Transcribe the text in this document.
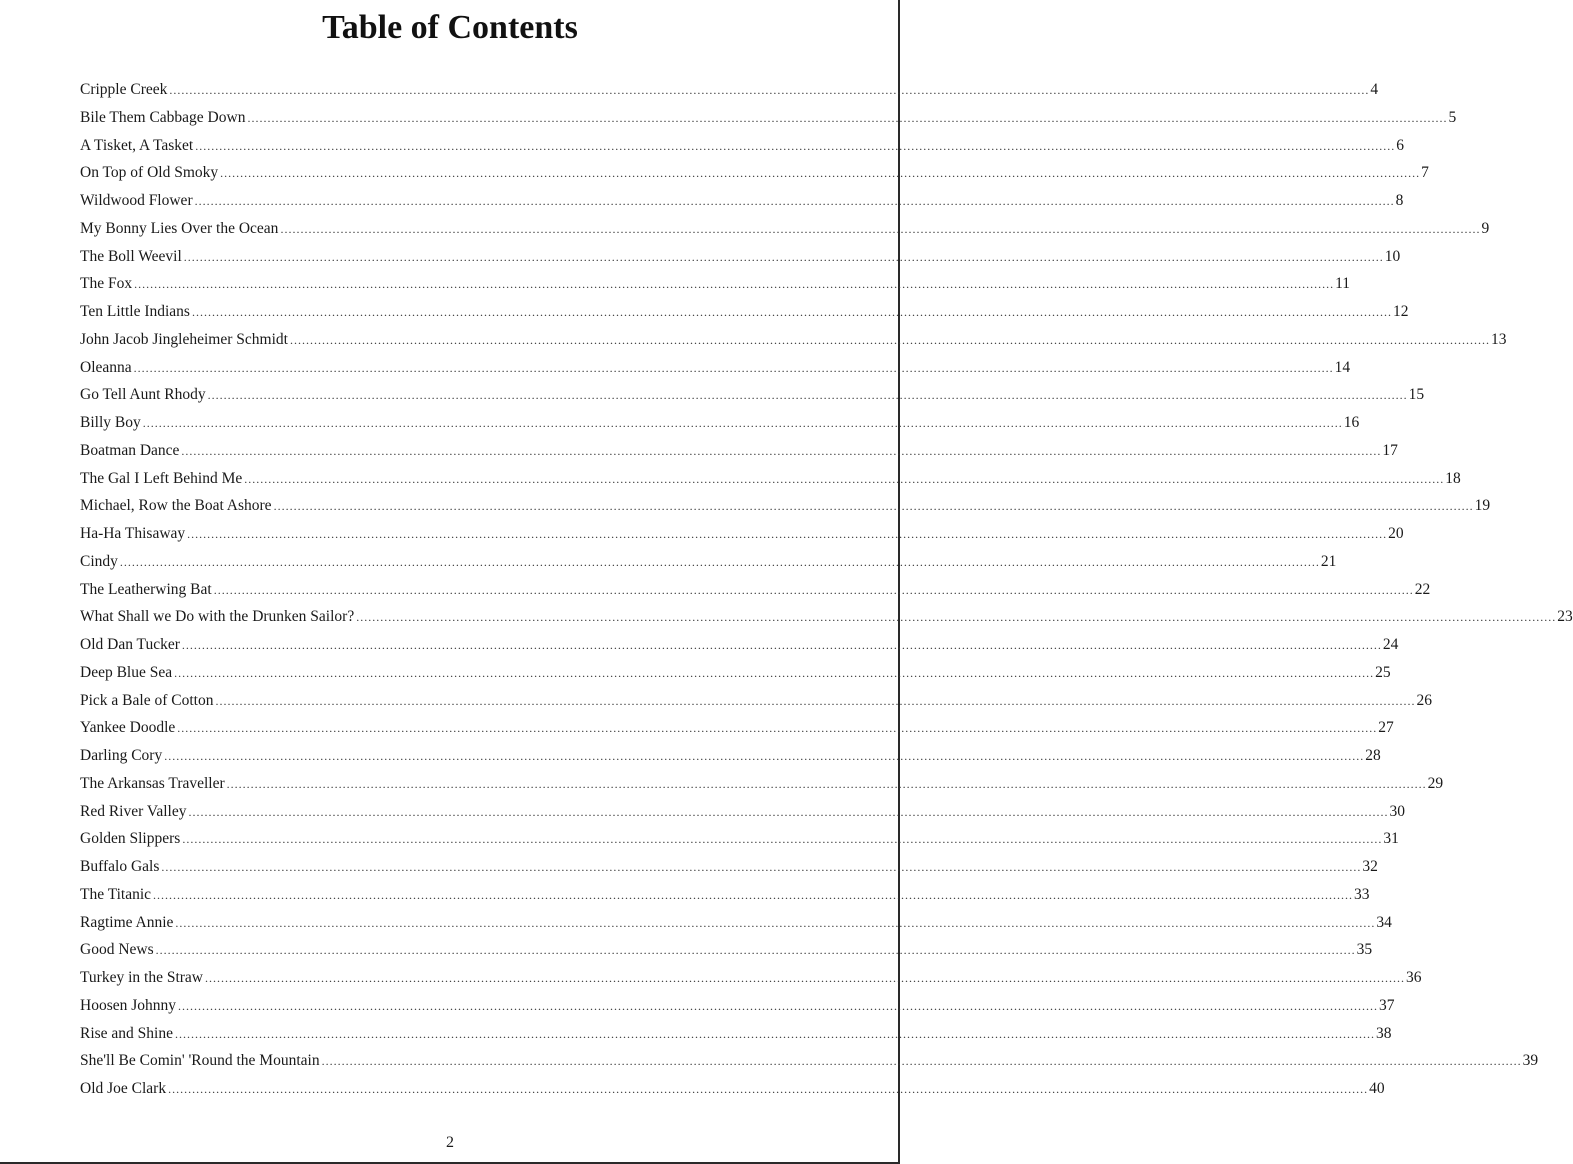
Table of Contents
Cripple Creek ............................................................................................................................................................................................................................................................................................................ 4
Bile Them Cabbage Down ............................................................................................................................................................................................................................................................................................................ 5
A Tisket, A Tasket ............................................................................................................................................................................................................................................................................................................ 6
On Top of Old Smoky ............................................................................................................................................................................................................................................................................................................ 7
Wildwood Flower ............................................................................................................................................................................................................................................................................................................ 8
My Bonny Lies Over the Ocean ............................................................................................................................................................................................................................................................................................................ 9
The Boll Weevil ............................................................................................................................................................................................................................................................................................................ 10
The Fox ............................................................................................................................................................................................................................................................................................................ 11
Ten Little Indians ............................................................................................................................................................................................................................................................................................................ 12
John Jacob Jingleheimer Schmidt ............................................................................................................................................................................................................................................................................................................ 13
Oleanna ............................................................................................................................................................................................................................................................................................................ 14
Go Tell Aunt Rhody ............................................................................................................................................................................................................................................................................................................ 15
Billy Boy ............................................................................................................................................................................................................................................................................................................ 16
Boatman Dance ............................................................................................................................................................................................................................................................................................................ 17
The Gal I Left Behind Me ............................................................................................................................................................................................................................................................................................................ 18
Michael, Row the Boat Ashore ............................................................................................................................................................................................................................................................................................................ 19
Ha-Ha Thisaway ............................................................................................................................................................................................................................................................................................................ 20
Cindy ............................................................................................................................................................................................................................................................................................................ 21
The Leatherwing Bat ............................................................................................................................................................................................................................................................................................................ 22
What Shall we Do with the Drunken Sailor? ............................................................................................................................................................................................................................................................................................................ 23
Old Dan Tucker ............................................................................................................................................................................................................................................................................................................ 24
Deep Blue Sea ............................................................................................................................................................................................................................................................................................................ 25
Pick a Bale of Cotton ............................................................................................................................................................................................................................................................................................................ 26
Yankee Doodle ............................................................................................................................................................................................................................................................................................................ 27
Darling Cory ............................................................................................................................................................................................................................................................................................................ 28
The Arkansas Traveller ............................................................................................................................................................................................................................................................................................................ 29
Red River Valley ............................................................................................................................................................................................................................................................................................................ 30
Golden Slippers ............................................................................................................................................................................................................................................................................................................ 31
Buffalo Gals ............................................................................................................................................................................................................................................................................................................ 32
The Titanic ............................................................................................................................................................................................................................................................................................................ 33
Ragtime Annie ............................................................................................................................................................................................................................................................................................................ 34
Good News ............................................................................................................................................................................................................................................................................................................ 35
Turkey in the Straw ............................................................................................................................................................................................................................................................................................................ 36
Hoosen Johnny ............................................................................................................................................................................................................................................................................................................ 37
Rise and Shine ............................................................................................................................................................................................................................................................................................................ 38
She'll Be Comin' 'Round the Mountain ............................................................................................................................................................................................................................................................................................................ 39
Old Joe Clark ............................................................................................................................................................................................................................................................................................................ 40
2
